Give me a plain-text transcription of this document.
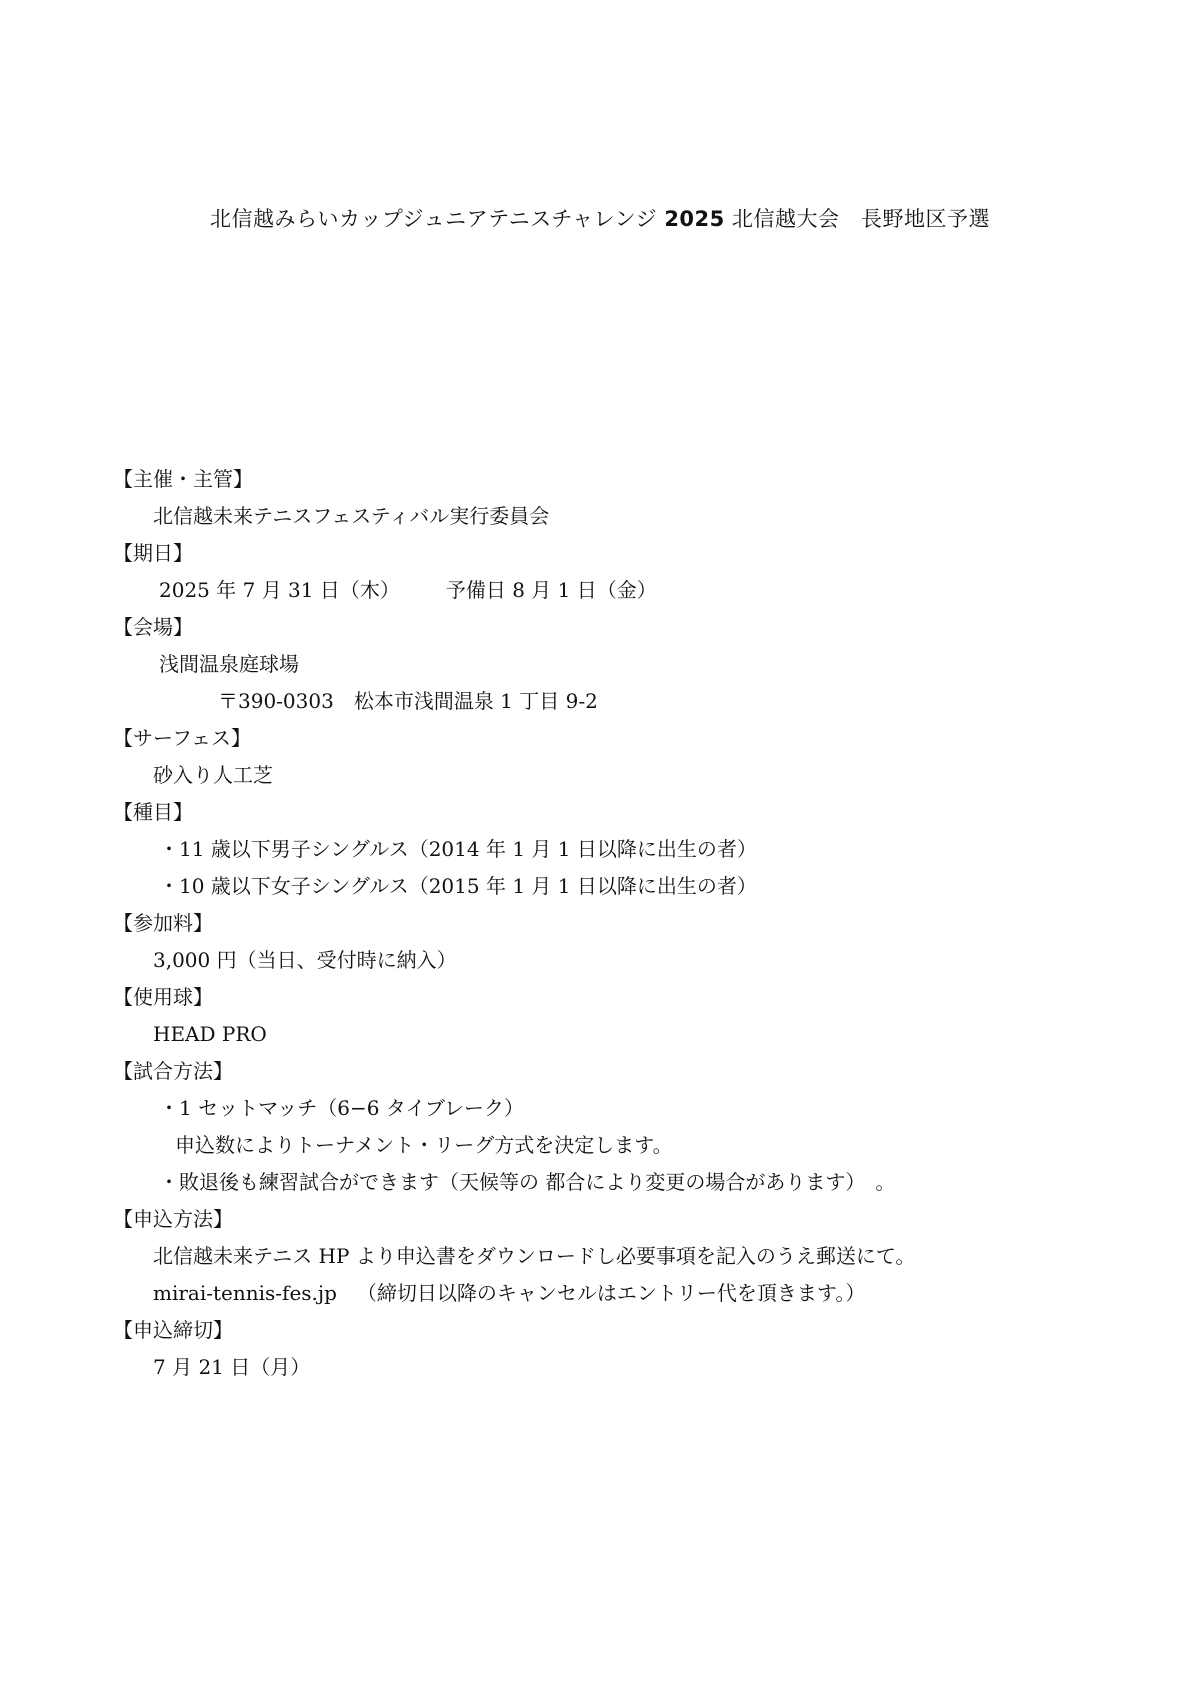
北信越みらいカップジュニアテニスチャレンジ 2025 北信越大会　長野地区予選
【主催・主管】
北信越未来テニスフェスティバル実行委員会
【期日】
2025 年 7 月 31 日（木） 予備日 8 月 1 日（金）
【会場】
浅間温泉庭球場
〒390-0303　松本市浅間温泉 1 丁目 9-2
【サーフェス】
砂入り人工芝
【種目】
・11 歳以下男子シングルス（2014 年 1 月 1 日以降に出生の者）
・10 歳以下女子シングルス（2015 年 1 月 1 日以降に出生の者）
【参加料】
3,000 円（当日、受付時に納入）
【使用球】
HEAD PRO
【試合方法】
・1 セットマッチ（6−6 タイブレーク）
申込数によりトーナメント・リーグ方式を決定します。
・敗退後も練習試合ができます（天候等の 都合により変更の場合があります）　。
【申込方法】
北信越未来テニス HP より申込書をダウンロードし必要事項を記入のうえ郵送にて。
mirai-tennis-fes.jp （締切日以降のキャンセルはエントリー代を頂きます。）
【申込締切】
7 月 21 日（月）
